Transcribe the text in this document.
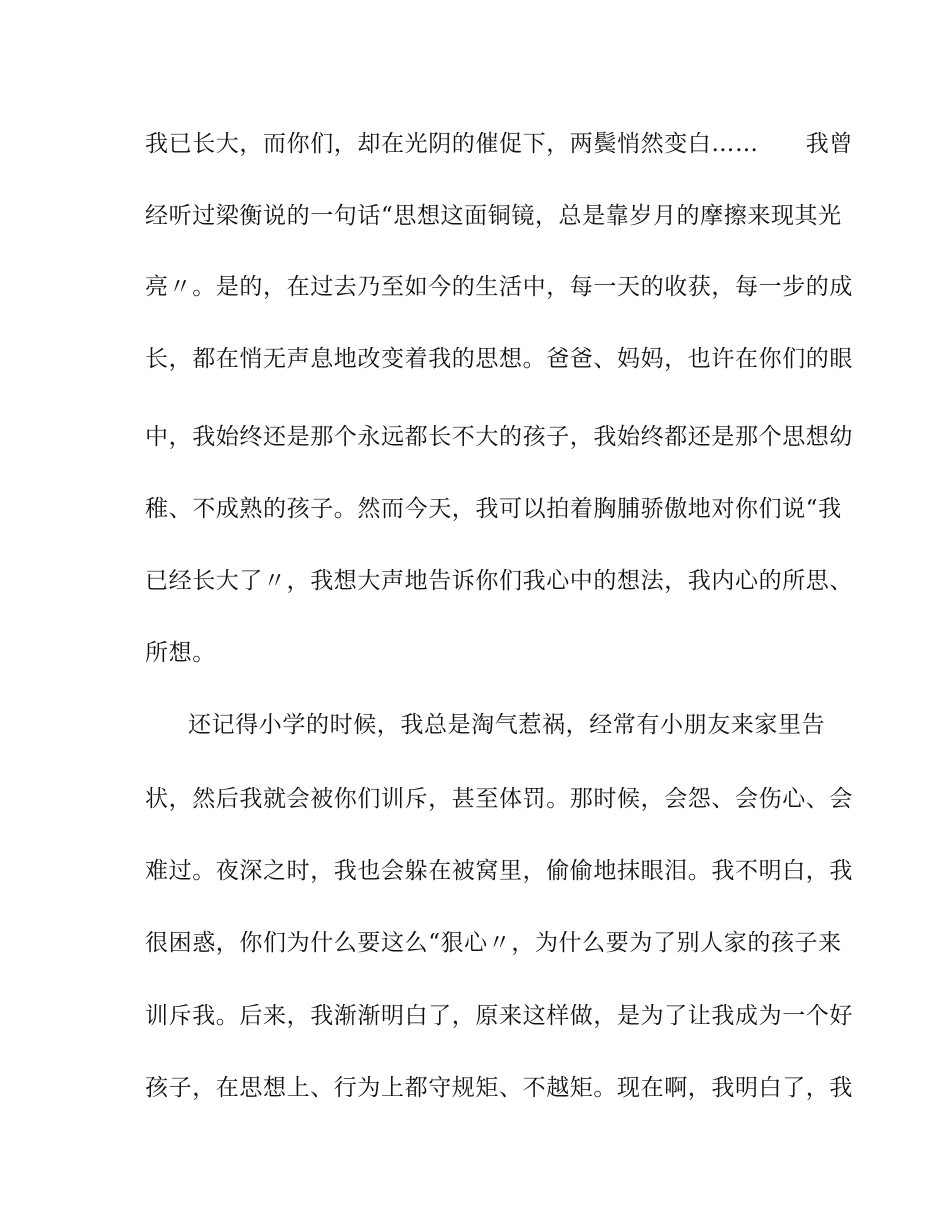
我已长大，而你们，却在光阴的催促下，两鬓悄然变白……　　我曾
经听过梁衡说的一句话“思想这面铜镜，总是靠岁月的摩擦来现其光
亮〃。是的，在过去乃至如今的生活中，每一天的收获，每一步的成
长，都在悄无声息地改变着我的思想。爸爸、妈妈，也许在你们的眼
中，我始终还是那个永远都长不大的孩子，我始终都还是那个思想幼
稚、不成熟的孩子。然而今天，我可以拍着胸脯骄傲地对你们说“我
已经长大了〃，我想大声地告诉你们我心中的想法，我内心的所思、
所想。
还记得小学的时候，我总是淘气惹祸，经常有小朋友来家里告
状，然后我就会被你们训斥，甚至体罚。那时候，会怨、会伤心、会
难过。夜深之时，我也会躲在被窝里，偷偷地抹眼泪。我不明白，我
很困惑，你们为什么要这么“狠心〃，为什么要为了别人家的孩子来
训斥我。后来，我渐渐明白了，原来这样做，是为了让我成为一个好
孩子，在思想上、行为上都守规矩、不越矩。现在啊，我明白了，我
